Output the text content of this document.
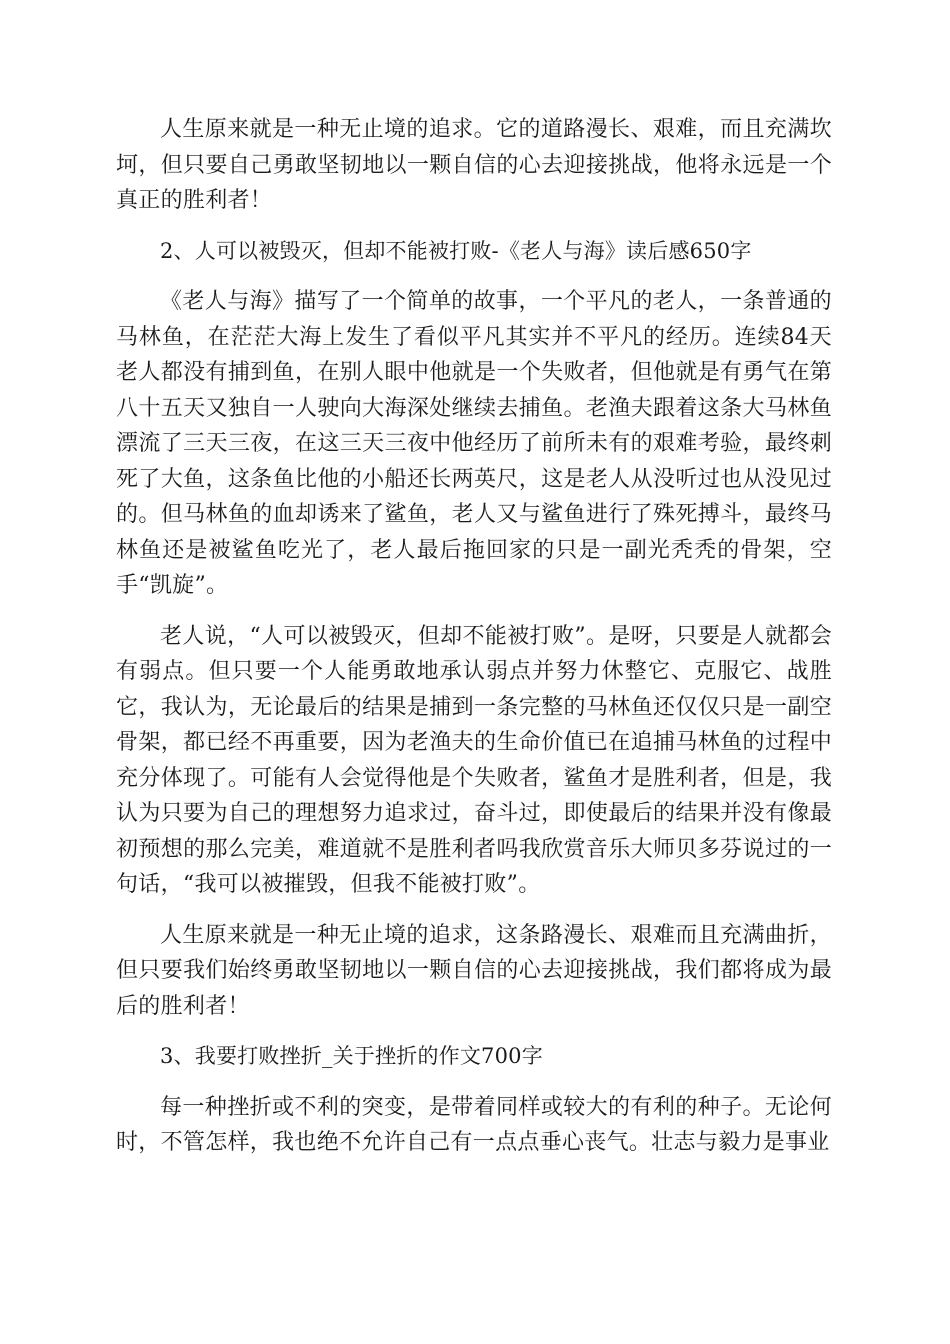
人生原来就是一种无止境的追求。它的道路漫长、艰难，而且充满坎坷，但只要自己勇敢坚韧地以一颗自信的心去迎接挑战，他将永远是一个真正的胜利者！

2、人可以被毁灭，但却不能被打败-《老人与海》读后感650字

《老人与海》描写了一个简单的故事，一个平凡的老人，一条普通的马林鱼，在茫茫大海上发生了看似平凡其实并不平凡的经历。连续84天老人都没有捕到鱼，在别人眼中他就是一个失败者，但他就是有勇气在第八十五天又独自一人驶向大海深处继续去捕鱼。老渔夫跟着这条大马林鱼漂流了三天三夜，在这三天三夜中他经历了前所未有的艰难考验，最终刺死了大鱼，这条鱼比他的小船还长两英尺，这是老人从没听过也从没见过的。但马林鱼的血却诱来了鲨鱼，老人又与鲨鱼进行了殊死搏斗，最终马林鱼还是被鲨鱼吃光了，老人最后拖回家的只是一副光秃秃的骨架，空手“凯旋”。

老人说，“人可以被毁灭，但却不能被打败”。是呀，只要是人就都会有弱点。但只要一个人能勇敢地承认弱点并努力休整它、克服它、战胜它，我认为，无论最后的结果是捕到一条完整的马林鱼还仅仅只是一副空骨架，都已经不再重要，因为老渔夫的生命价值已在追捕马林鱼的过程中充分体现了。可能有人会觉得他是个失败者，鲨鱼才是胜利者，但是，我认为只要为自己的理想努力追求过，奋斗过，即使最后的结果并没有像最初预想的那么完美，难道就不是胜利者吗我欣赏音乐大师贝多芬说过的一句话，“我可以被摧毁，但我不能被打败”。

人生原来就是一种无止境的追求，这条路漫长、艰难而且充满曲折，但只要我们始终勇敢坚韧地以一颗自信的心去迎接挑战，我们都将成为最后的胜利者！

3、我要打败挫折_关于挫折的作文700字

每一种挫折或不利的突变，是带着同样或较大的有利的种子。无论何时，不管怎样，我也绝不允许自己有一点点垂心丧气。壮志与毅力是事业
